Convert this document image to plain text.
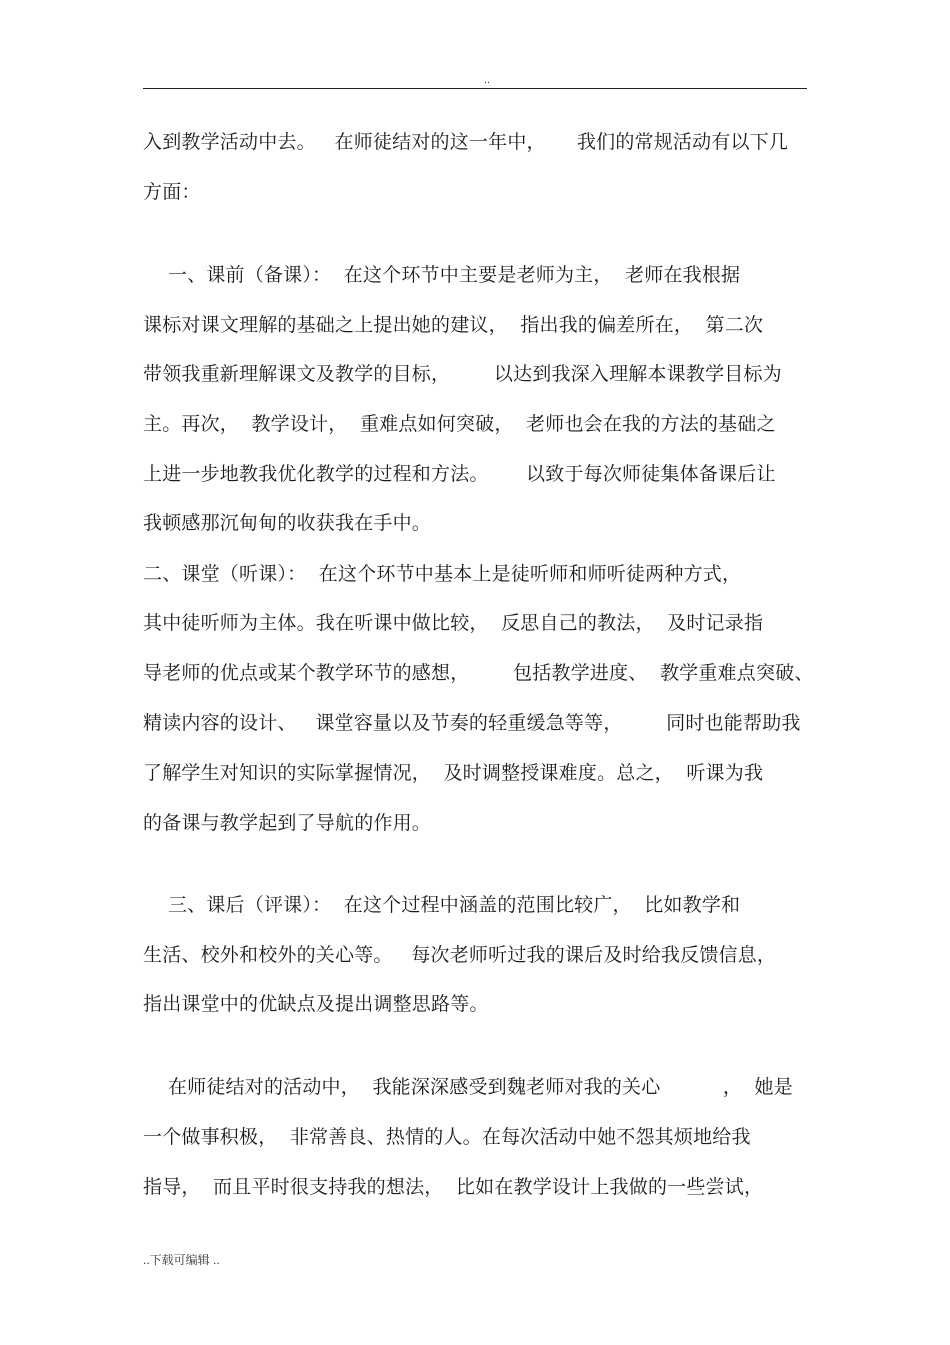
..
入到教学活动中去。   在师徒结对的这一年中，     我们的常规活动有以下几
方面：
一、课前（备课）：  在这个环节中主要是老师为主，  老师在我根据
课标对课文理解的基础之上提出她的建议，  指出我的偏差所在，  第二次
带领我重新理解课文及教学的目标，       以达到我深入理解本课教学目标为
主。再次，  教学设计，  重难点如何突破，  老师也会在我的方法的基础之
上进一步地教我优化教学的过程和方法。      以致于每次师徒集体备课后让
我顿感那沉甸甸的收获我在手中。
二、课堂（听课）：  在这个环节中基本上是徒听师和师听徒两种方式，
其中徒听师为主体。我在听课中做比较，  反思自己的教法，  及时记录指
导老师的优点或某个教学环节的感想，       包括教学进度、  教学重难点突破、
精读内容的设计、   课堂容量以及节奏的轻重缓急等等，       同时也能帮助我
了解学生对知识的实际掌握情况，  及时调整授课难度。总之，  听课为我
的备课与教学起到了导航的作用。
三、课后（评课）：  在这个过程中涵盖的范围比较广，  比如教学和
生活、校外和校外的关心等。   每次老师听过我的课后及时给我反馈信息，
指出课堂中的优缺点及提出调整思路等。
在师徒结对的活动中，  我能深深感受到魏老师对我的关心          ，  她是
一个做事积极，  非常善良、热情的人。在每次活动中她不怨其烦地给我
指导，  而且平时很支持我的想法，  比如在教学设计上我做的一些尝试，
..下载可编辑 ..
